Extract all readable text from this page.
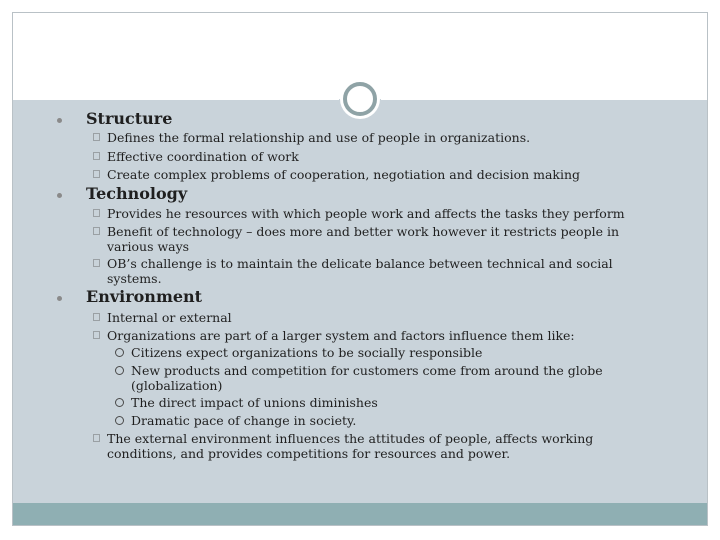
Structure
Defines the formal relationship and use of people in organizations.
Effective coordination of work
Create complex problems of cooperation, negotiation and decision making
Technology
Provides he resources with which people work and affects the tasks they perform
Benefit of technology – does more and better work however it restricts people in various ways
OB’s challenge is to maintain the delicate balance between technical and social systems.
Environment
Internal or external
Organizations are part of a larger system and factors influence them like:
Citizens expect organizations to be socially responsible
New products and competition for customers come from around the globe (globalization)
The direct impact of unions diminishes
Dramatic pace of change in society.
The external environment influences the attitudes of people, affects working conditions, and provides competitions for resources and power.
